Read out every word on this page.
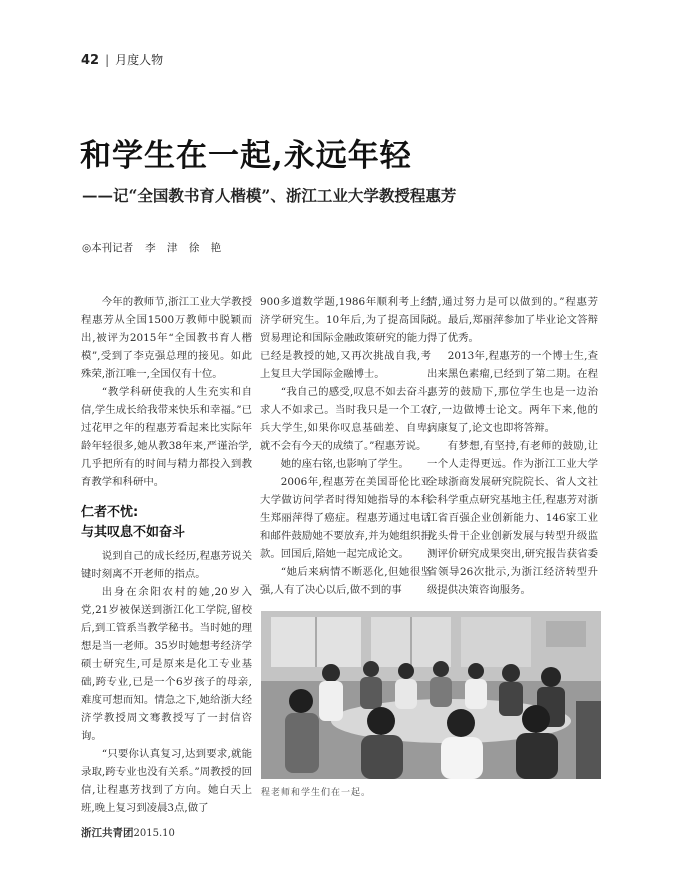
42 | 月度人物
和学生在一起,永远年轻
——记“全国教书育人楷模”、浙江工业大学教授程惠芳
◎本刊记者 李 津 徐 艳

今年的教师节,浙江工业大学教授程惠芳从全国1500万教师中脱颖而出,被评为2015年“全国教书育人楷模”,受到了李克强总理的接见。如此殊荣,浙江唯一,全国仅有十位。

“教学科研使我的人生充实和自信,学生成长给我带来快乐和幸福。”已过花甲之年的程惠芳看起来比实际年龄年轻很多,她从教38年来,严谨治学,几乎把所有的时间与精力都投入到教育教学和科研中。

仁者不忧:
与其叹息不如奋斗

说到自己的成长经历,程惠芳说关键时刻离不开老师的指点。

出身在余阳农村的她,20岁入党,21岁被保送到浙江化工学院,留校后,到工管系当教学秘书。当时她的理想是当一老师。35岁时她想考经济学硕士研究生,可是原来是化工专业基础,跨专业,已是一个6岁孩子的母亲,难度可想而知。情急之下,她给浙大经济学教授周文骞教授写了一封信咨询。

“只要你认真复习,达到要求,就能录取,跨专业也没有关系。”周教授的回信,让程惠芳找到了方向。她白天上班,晚上复习到凌晨3点,做了

900多道数学题,1986年顺利考上经济学研究生。10年后,为了提高国际贸易理论和国际金融政策研究的能力,已经是教授的她,又再次挑战自我,考上复旦大学国际金融博士。

“我自己的感受,叹息不如去奋斗,求人不如求己。当时我只是一个工农兵大学生,如果你叹息基础差、自卑,就不会有今天的成绩了。”程惠芳说。

她的座右铭,也影响了学生。

2006年,程惠芳在美国哥伦比亚大学做访问学者时得知她指导的本科生郑丽萍得了癌症。程惠芳通过电话和邮件鼓励她不要放弃,并为她组织捐款。回国后,陪她一起完成论文。

“她后来病情不断恶化,但她很坚强,人有了决心以后,做不到的事

情,通过努力是可以做到的。”程惠芳说。最后,郑丽萍参加了毕业论文答辩得了优秀。

2013年,程惠芳的一个博士生,查出来黑色素瘤,已经到了第二期。在程惠芳的鼓励下,那位学生也是一边治疗,一边做博士论文。两年下来,他的病康复了,论文也即将答辩。

有梦想,有坚持,有老师的鼓励,让一个人走得更远。作为浙江工业大学全球浙商发展研究院院长、省人文社会科学重点研究基地主任,程惠芳对浙江省百强企业创新能力、146家工业龙头骨干企业创新发展与转型升级监测评价研究成果突出,研究报告获省委省领导26次批示,为浙江经济转型升级提供决策咨询服务。

程老师和学生们在一起。
浙江共青团2015.10
